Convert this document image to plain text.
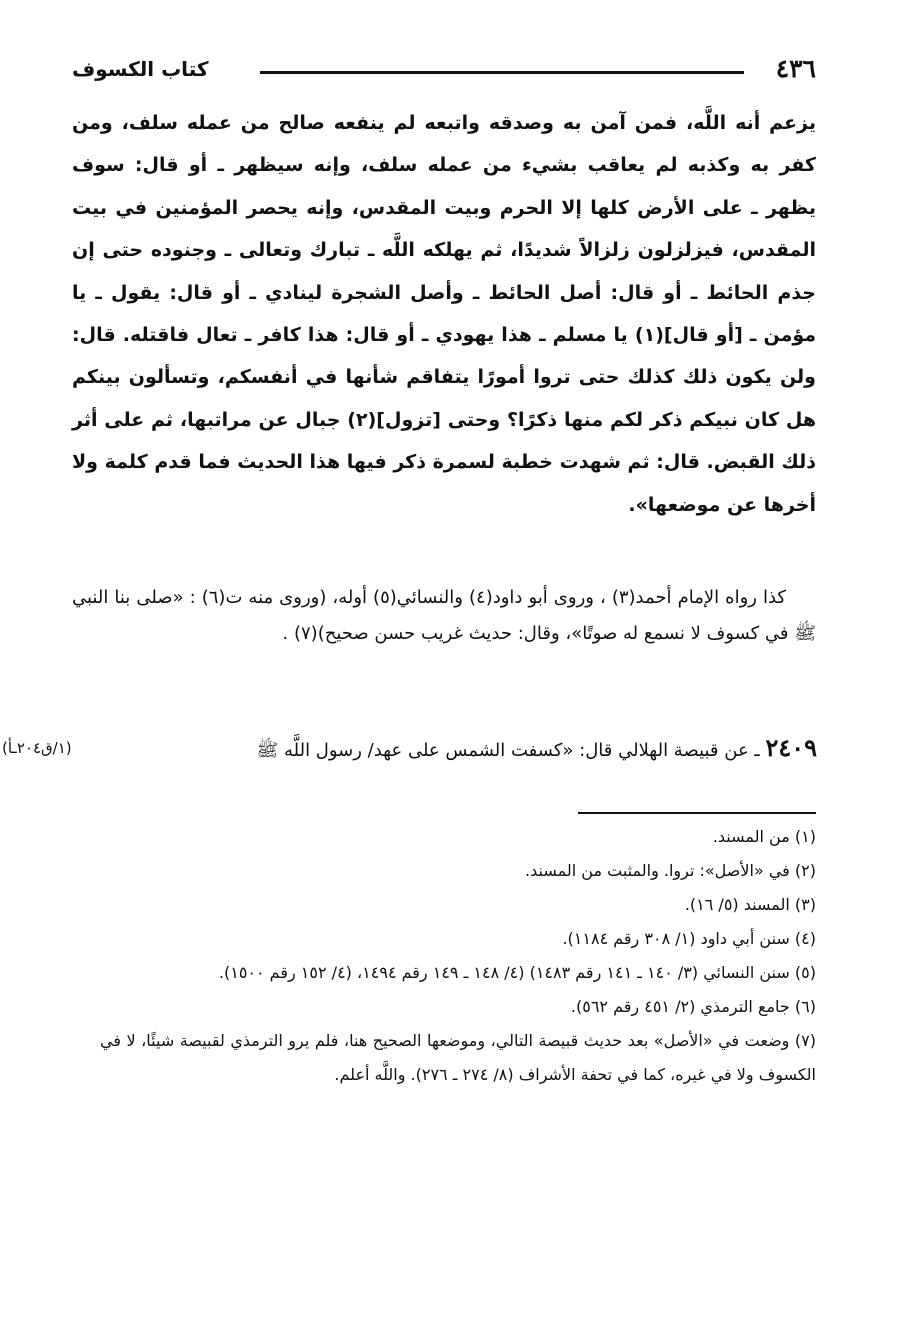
٤٣٦
كتاب الكسوف

يزعم أنه اللَّه، فمن آمن به وصدقه واتبعه لم ينفعه صالح من عمله سلف، ومن كفر به وكذبه لم يعاقب بشيء من عمله سلف، وإنه سيظهر ـ أو قال: سوف يظهر ـ على الأرض كلها إلا الحرم وبيت المقدس، وإنه يحصر المؤمنين في بيت المقدس، فيزلزلون زلزالاً شديدًا، ثم يهلكه اللَّه ـ تبارك وتعالى ـ وجنوده حتى إن جذم الحائط ـ أو قال: أصل الحائط ـ وأصل الشجرة لينادي ـ أو قال: يقول ـ يا مؤمن ـ [أو قال](١) يا مسلم ـ هذا يهودي ـ أو قال: هذا كافر ـ تعال فاقتله. قال: ولن يكون ذلك كذلك حتى تروا أمورًا يتفاقم شأنها في أنفسكم، وتسألون بينكم هل كان نبيكم ذكر لكم منها ذكرًا؟ وحتى [تزول](٢) جبال عن مراتبها، ثم على أثر ذلك القبض. قال: ثم شهدت خطبة لسمرة ذكر فيها هذا الحديث فما قدم كلمة ولا أخرها عن موضعها».

كذا رواه الإمام أحمد(٣) ، وروى أبو داود(٤) والنسائي(٥) أوله، (وروى منه ت(٦) : «صلى بنا النبي ﷺ في كسوف لا نسمع له صوتًا»، وقال: حديث غريب حسن صحيح)(٧) .

(١/ق٢٠٤ـأ)	٢٤٠٩ ـ عن قبيصة الهلالي قال: «كسفت الشمس على عهد/ رسول اللَّه ﷺ
(١) من المسند.
(٢) في «الأصل»: تروا. والمثبت من المسند.
(٣) المسند (٥/ ١٦).
(٤) سنن أبي داود (١/ ٣٠٨ رقم ١١٨٤).
(٥) سنن النسائي (٣/ ١٤٠ ـ ١٤١ رقم ١٤٨٣) (٤/ ١٤٨ ـ ١٤٩ رقم ١٤٩٤، (٤/ ١٥٢ رقم ١٥٠٠).
(٦) جامع الترمذي (٢/ ٤٥١ رقم ٥٦٢).
(٧) وضعت في «الأصل» بعد حديث قبيصة التالي، وموضعها الصحيح هنا، فلم يرو الترمذي لقبيصة شيئًا، لا في الكسوف ولا في غيره، كما في تحفة الأشراف (٨/ ٢٧٤ ـ ٢٧٦). واللَّه أعلم.
